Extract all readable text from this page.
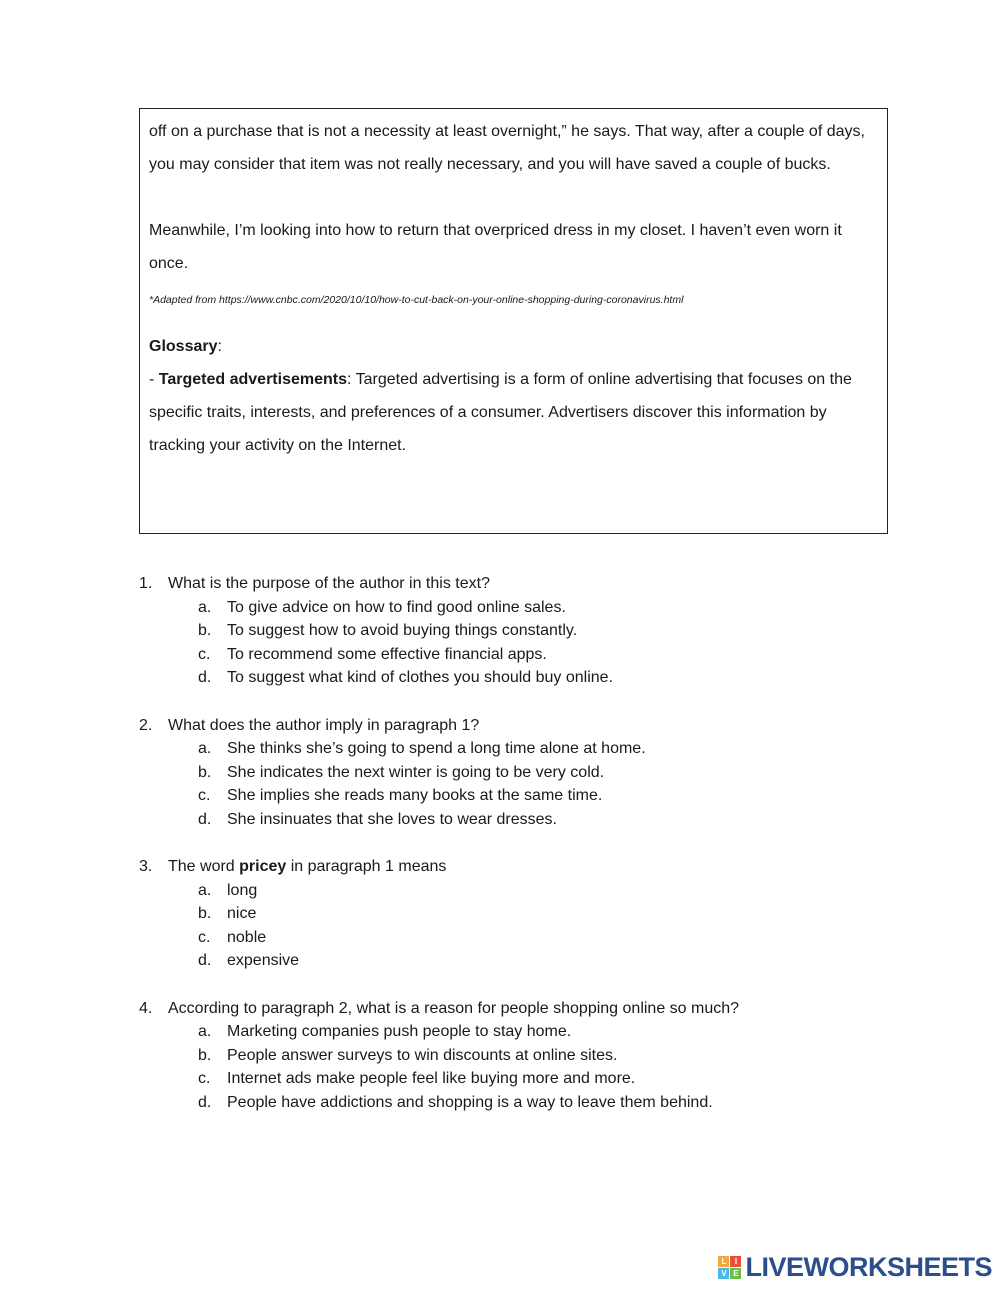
off on a purchase that is not a necessity at least overnight,” he says. That way, after a couple of days,
you may consider that item was not really necessary, and you will have saved a couple of bucks.
Meanwhile, I’m looking into how to return that overpriced dress in my closet. I haven’t even worn it
once.
*Adapted from https://www.cnbc.com/2020/10/10/how-to-cut-back-on-your-online-shopping-during-coronavirus.html
Glossary:
- Targeted advertisements: Targeted advertising is a form of online advertising that focuses on the
specific traits, interests, and preferences of a consumer. Advertisers discover this information by
tracking your activity on the Internet.
1. What is the purpose of the author in this text?
a. To give advice on how to find good online sales.
b. To suggest how to avoid buying things constantly.
c.	To recommend some effective financial apps.
d. To suggest what kind of clothes you should buy online.
2. What does the author imply in paragraph 1?
a. She thinks she’s going to spend a long time alone at home.
b. She indicates the next winter is going to be very cold.
c.	She implies she reads many books at the same time.
d. She insinuates that she loves to wear dresses.
3. The word pricey in paragraph 1 means
a. long
b. nice
c.	noble
d. expensive
4. According to paragraph 2, what is a reason for people shopping online so much?
a. Marketing companies push people to stay home.
b. People answer surveys to win discounts at online sites.
c.	Internet ads make people feel like buying more and more.
d. People have addictions and shopping is a way to leave them behind.
L	I
V E LIVEWORKSHEETS
